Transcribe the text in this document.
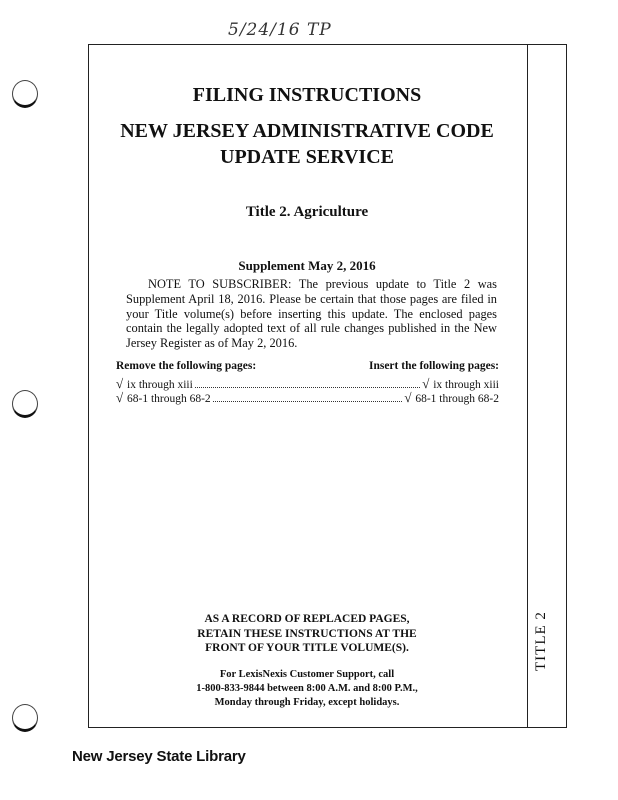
5/24/16 TP
TITLE 2
FILING INSTRUCTIONS
NEW JERSEY ADMINISTRATIVE CODE
UPDATE SERVICE
Title 2. Agriculture
Supplement May 2, 2016
NOTE TO SUBSCRIBER: The previous update to Title 2 was Supplement April 18, 2016. Please be certain that those pages are filed in your Title volume(s) before inserting this update. The enclosed pages contain the legally adopted text of all rule changes published in the New Jersey Register as of May 2, 2016.
Remove the following pages:	Insert the following pages:
√ ix through xiii	√ ix through xiii
√ 68-1 through 68-2	√ 68-1 through 68-2
AS A RECORD OF REPLACED PAGES,
RETAIN THESE INSTRUCTIONS AT THE
FRONT OF YOUR TITLE VOLUME(S).
For LexisNexis Customer Support, call
1-800-833-9844 between 8:00 A.M. and 8:00 P.M.,
Monday through Friday, except holidays.
New Jersey State Library
